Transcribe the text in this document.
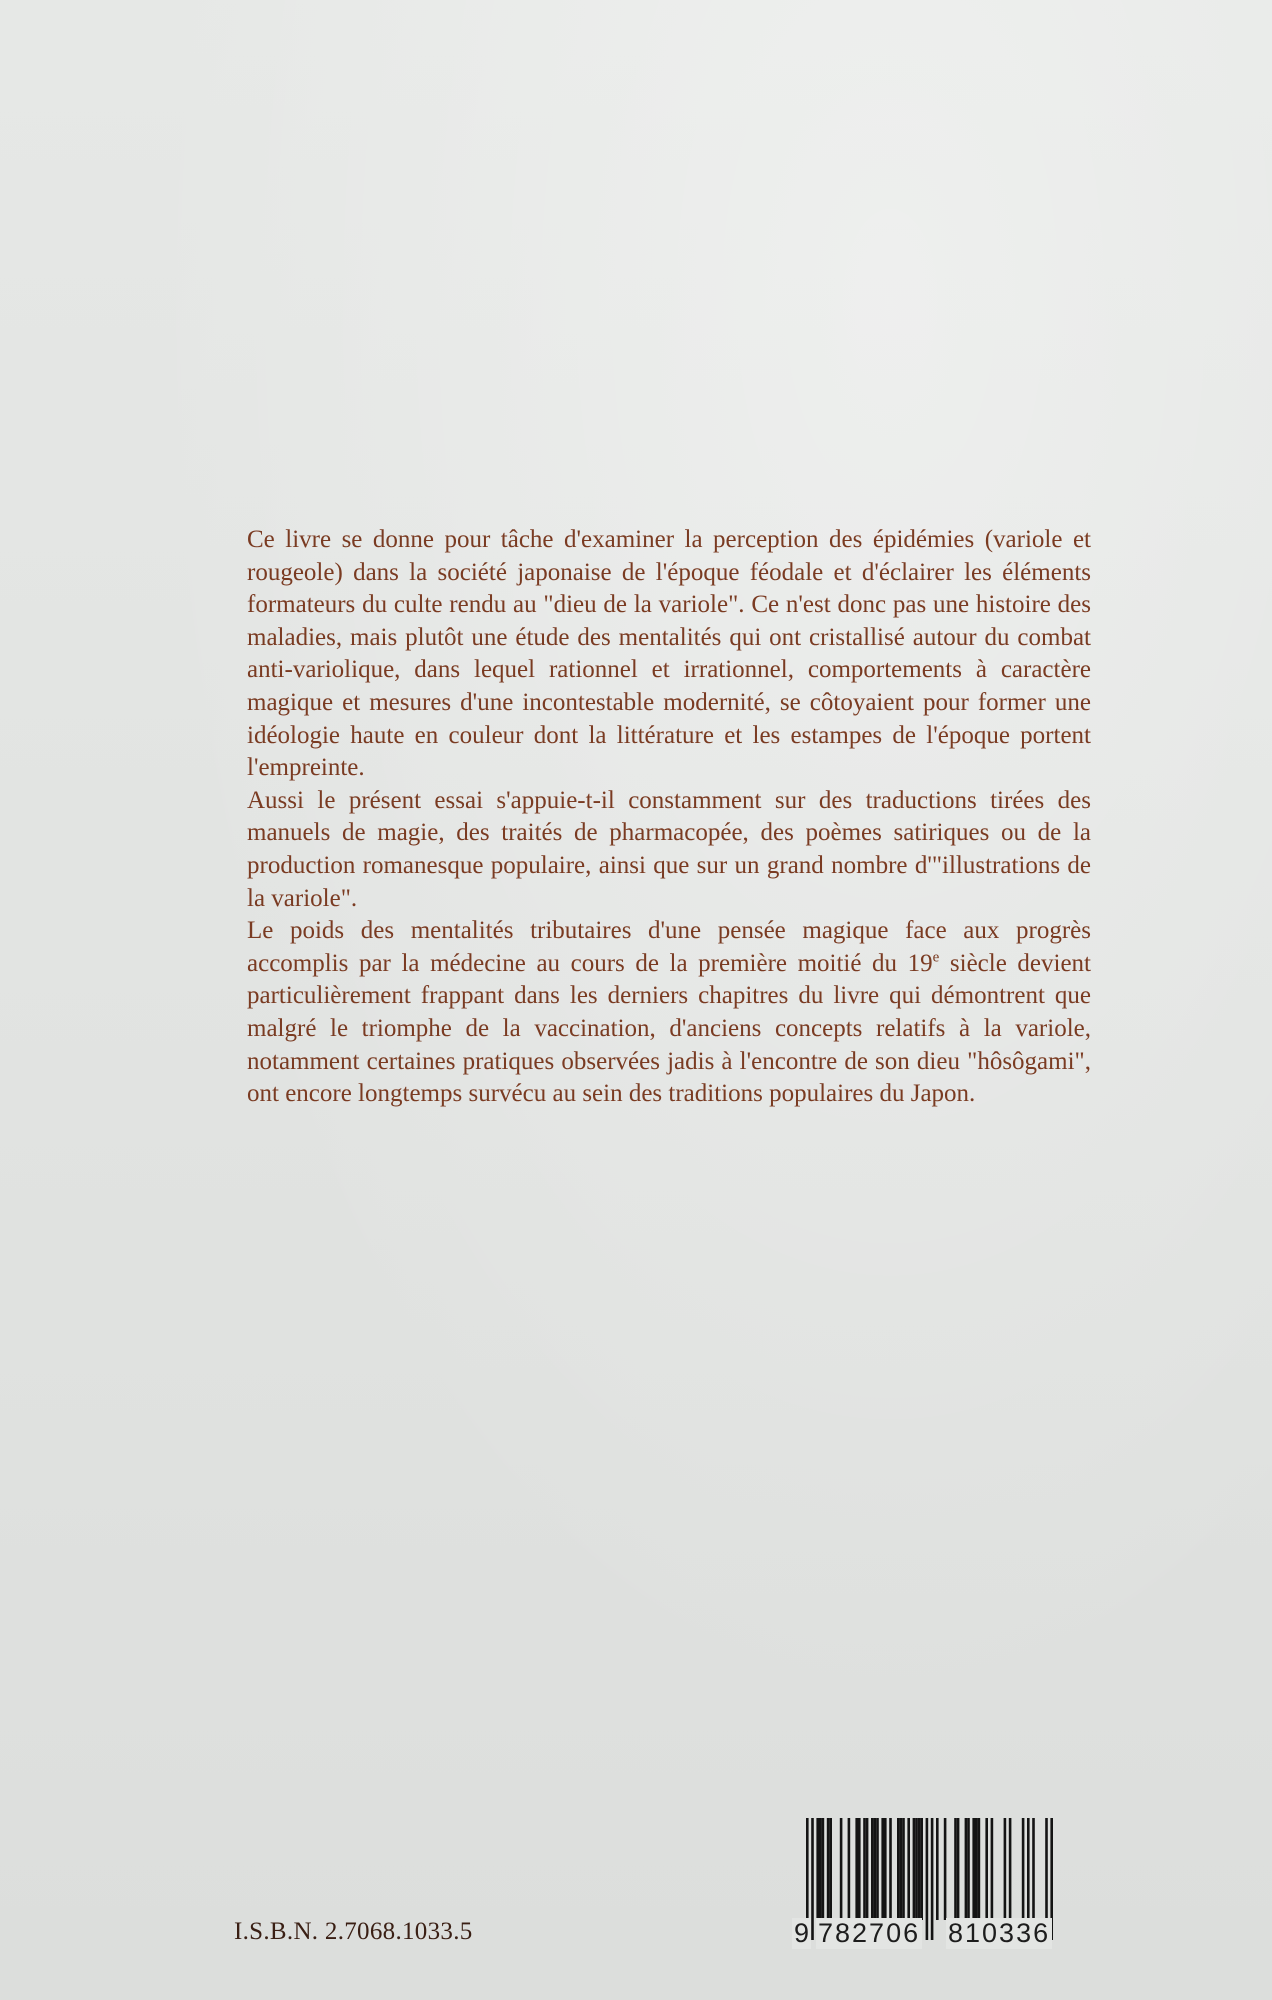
Ce livre se donne pour tâche d'examiner la perception des épidémies (variole et rougeole) dans la société japonaise de l'époque féodale et d'éclairer les éléments formateurs du culte rendu au "dieu de la variole". Ce n'est donc pas une histoire des maladies, mais plutôt une étude des mentalités qui ont cristallisé autour du combat anti-variolique, dans lequel rationnel et irrationnel, comportements à caractère magique et mesures d'une incontestable modernité, se côtoyaient pour former une idéologie haute en couleur dont la littérature et les estampes de l'époque portent l'empreinte.

Aussi le présent essai s'appuie-t-il constamment sur des traductions tirées des manuels de magie, des traités de pharmacopée, des poèmes satiriques ou de la production romanesque populaire, ainsi que sur un grand nombre d'"illustrations de la variole".

Le poids des mentalités tributaires d'une pensée magique face aux progrès accomplis par la médecine au cours de la première moitié du 19e siècle devient particulièrement frappant dans les derniers chapitres du livre qui démontrent que malgré le triomphe de la vaccination, d'anciens concepts relatifs à la variole, notamment certaines pratiques observées jadis à l'encontre de son dieu "hôsôgami", ont encore longtemps survécu au sein des traditions populaires du Japon.

I.S.B.N. 2.7068.1033.5	9 782706 810336
